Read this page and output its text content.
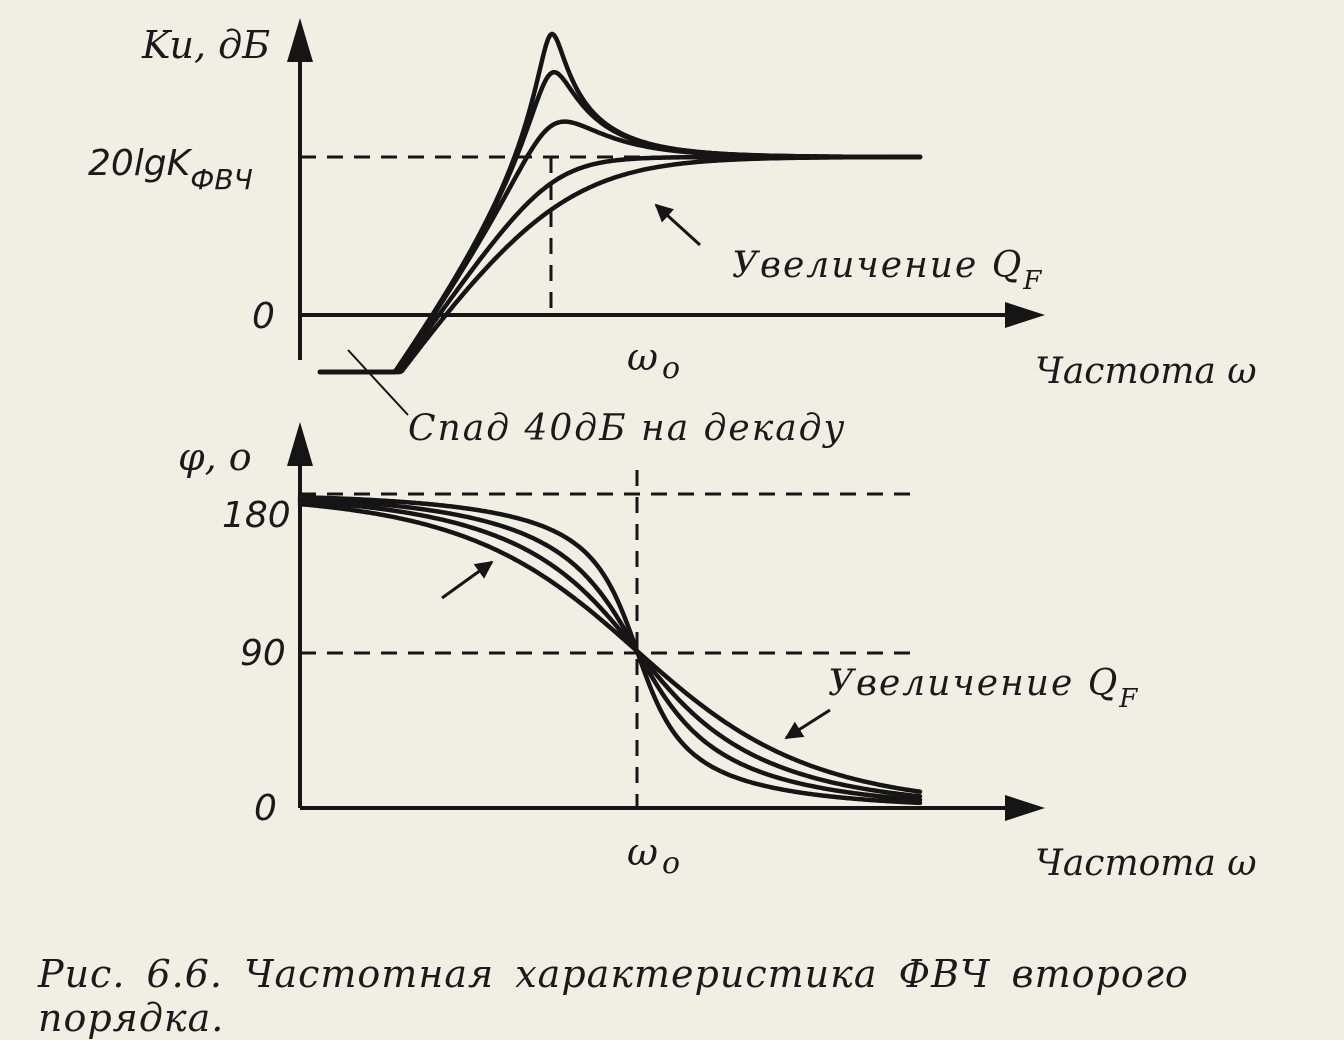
Ku, дБ
20lgK$_{ФВЧ}$
0
ω $_o$	Частота ω
Увеличение $Q_F$
Спад 40дБ на декаду
φ, o
180
90
0
ω $_o$	Частота ω
Увеличение $Q_F$
Рис. 6.6. Частотная характеристика ФВЧ второго порядка.
